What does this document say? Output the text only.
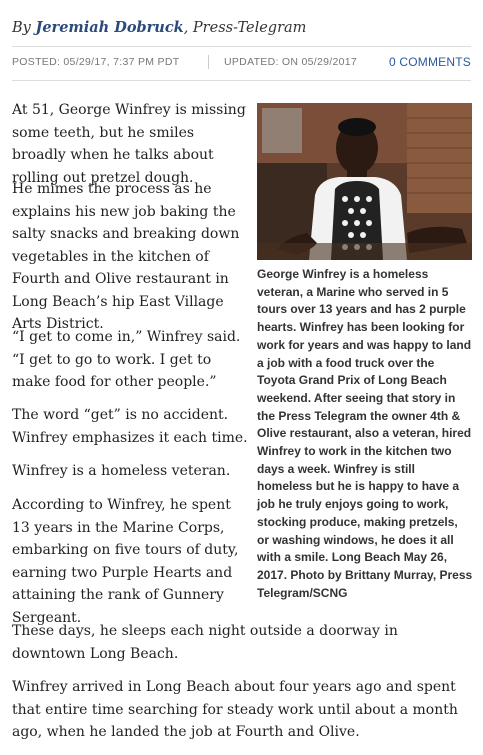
By Jeremiah Dobruck, Press-Telegram
POSTED: 05/29/17, 7:37 PM PDT	UPDATED: ON 05/29/2017	0 COMMENTS
George Winfrey is a homeless veteran, a Marine who served in 5 tours over 13 years and has 2 purple hearts. Winfrey has been looking for work for years and was happy to land a job with a food truck over the Toyota Grand Prix of Long Beach weekend. After seeing that story in the Press Telegram the owner 4th & Olive restaurant, also a veteran, hired Winfrey to work in the kitchen two days a week. Winfrey is still homeless but he is happy to have a job he truly enjoys going to work, stocking produce, making pretzels, or washing windows, he does it all with a smile. Long Beach May 26, 2017. Photo by Brittany Murray, Press Telegram/SCNG

At 51, George Winfrey is missing some teeth, but he smiles broadly when he talks about rolling out pretzel dough.

He mimes the process as he explains his new job baking the salty snacks and breaking down vegetables in the kitchen of Fourth and Olive restaurant in Long Beach’s hip East Village Arts District.

“I get to come in,” Winfrey said. “I get to go to work. I get to make food for other people.”

The word “get” is no accident. Winfrey emphasizes it each time.

Winfrey is a homeless veteran.

According to Winfrey, he spent 13 years in the Marine Corps, embarking on five tours of duty, earning two Purple Hearts and attaining the rank of Gunnery Sergeant.

These days, he sleeps each night outside a doorway in downtown Long Beach.

Winfrey arrived in Long Beach about four years ago and spent that entire time searching for steady work until about a month ago, when he landed the job at Fourth and Olive.
